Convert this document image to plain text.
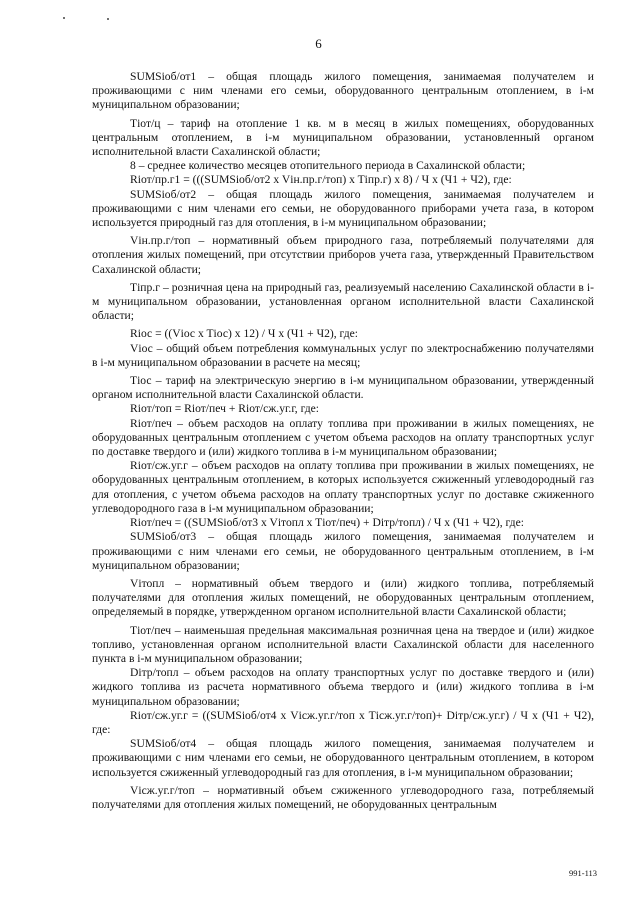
6

SUMSіоб/от1 – общая площадь жилого помещения, занимаемая получателем и проживающими с ним членами его семьи, оборудованного центральным отоплением, в і-м муниципальном образовании;

Tіот/ц – тариф на отопление 1 кв. м в месяц в жилых помещениях, оборудованных центральным отоплением, в і-м муниципальном образовании, установленный органом исполнительной власти Сахалинской области;

8 – среднее количество месяцев отопительного периода в Сахалинской области;

Rіот/пр.г1 = (((SUMSіоб/от2 x Vін.пр.г/топ) x Tіпр.г) x 8) / Ч x (Ч1 + Ч2), где:

SUMSіоб/от2 – общая площадь жилого помещения, занимаемая получателем и проживающими с ним членами его семьи, не оборудованного приборами учета газа, в котором используется природный газ для отопления, в і-м муниципальном образовании;

Vін.пр.г/топ – нормативный объем природного газа, потребляемый получателями для отопления жилых помещений, при отсутствии приборов учета газа, утвержденный Правительством Сахалинской области;

Tіпр.г – розничная цена на природный газ, реализуемый населению Сахалинской области в і-м муниципальном образовании, установленная органом исполнительной власти Сахалинской области;

Rіос = ((Vіос x Tіос) x 12) / Ч x (Ч1 + Ч2), где:

Vіос – общий объем потребления коммунальных услуг по электроснабжению получателями в і-м муниципальном образовании в расчете на месяц;

Tіос – тариф на электрическую энергию в і-м муниципальном образовании, утвержденный органом исполнительной власти Сахалинской области.

Rіот/топ = Rіот/печ + Rіот/сж.уг.г, где:

Rіот/печ – объем расходов на оплату топлива при проживании в жилых помещениях, не оборудованных центральным отоплением с учетом объема расходов на оплату транспортных услуг по доставке твердого и (или) жидкого топлива в і-м муниципальном образовании;

Rіот/сж.уг.г – объем расходов на оплату топлива при проживании в жилых помещениях, не оборудованных центральным отоплением, в которых используется сжиженный углеводородный газ для отопления, с учетом объема расходов на оплату транспортных услуг по доставке сжиженного углеводородного газа в і-м муниципальном образовании;

Rіот/печ = ((SUMSіоб/от3 x Vітопл x Tіот/печ) + Dітр/топл) / Ч x (Ч1 + Ч2), где:

SUMSіоб/от3 – общая площадь жилого помещения, занимаемая получателем и проживающими с ним членами его семьи, не оборудованного центральным отоплением, в і-м муниципальном образовании;

Vітопл – нормативный объем твердого и (или) жидкого топлива, потребляемый получателями для отопления жилых помещений, не оборудованных центральным отоплением, определяемый в порядке, утвержденном органом исполнительной власти Сахалинской области;

Tіот/печ – наименьшая предельная максимальная розничная цена на твердое и (или) жидкое топливо, установленная органом исполнительной власти Сахалинской области для населенного пункта в і-м муниципальном образовании;

Dітр/топл – объем расходов на оплату транспортных услуг по доставке твердого и (или) жидкого топлива из расчета нормативного объема твердого и (или) жидкого топлива в і-м муниципальном образовании;

Rіот/сж.уг.г = ((SUMSіоб/от4 x Vісж.уг.г/топ x Tісж.уг.г/топ)+ Dітр/сж.уг.г) / Ч x (Ч1 + Ч2), где:

SUMSіоб/от4 – общая площадь жилого помещения, занимаемая получателем и проживающими с ним членами его семьи, не оборудованного центральным отоплением, в котором используется сжиженный углеводородный газ для отопления, в і-м муниципальном образовании;

Vісж.уг.г/топ – нормативный объем сжиженного углеводородного газа, потребляемый получателями для отопления жилых помещений, не оборудованных центральным

991-113
